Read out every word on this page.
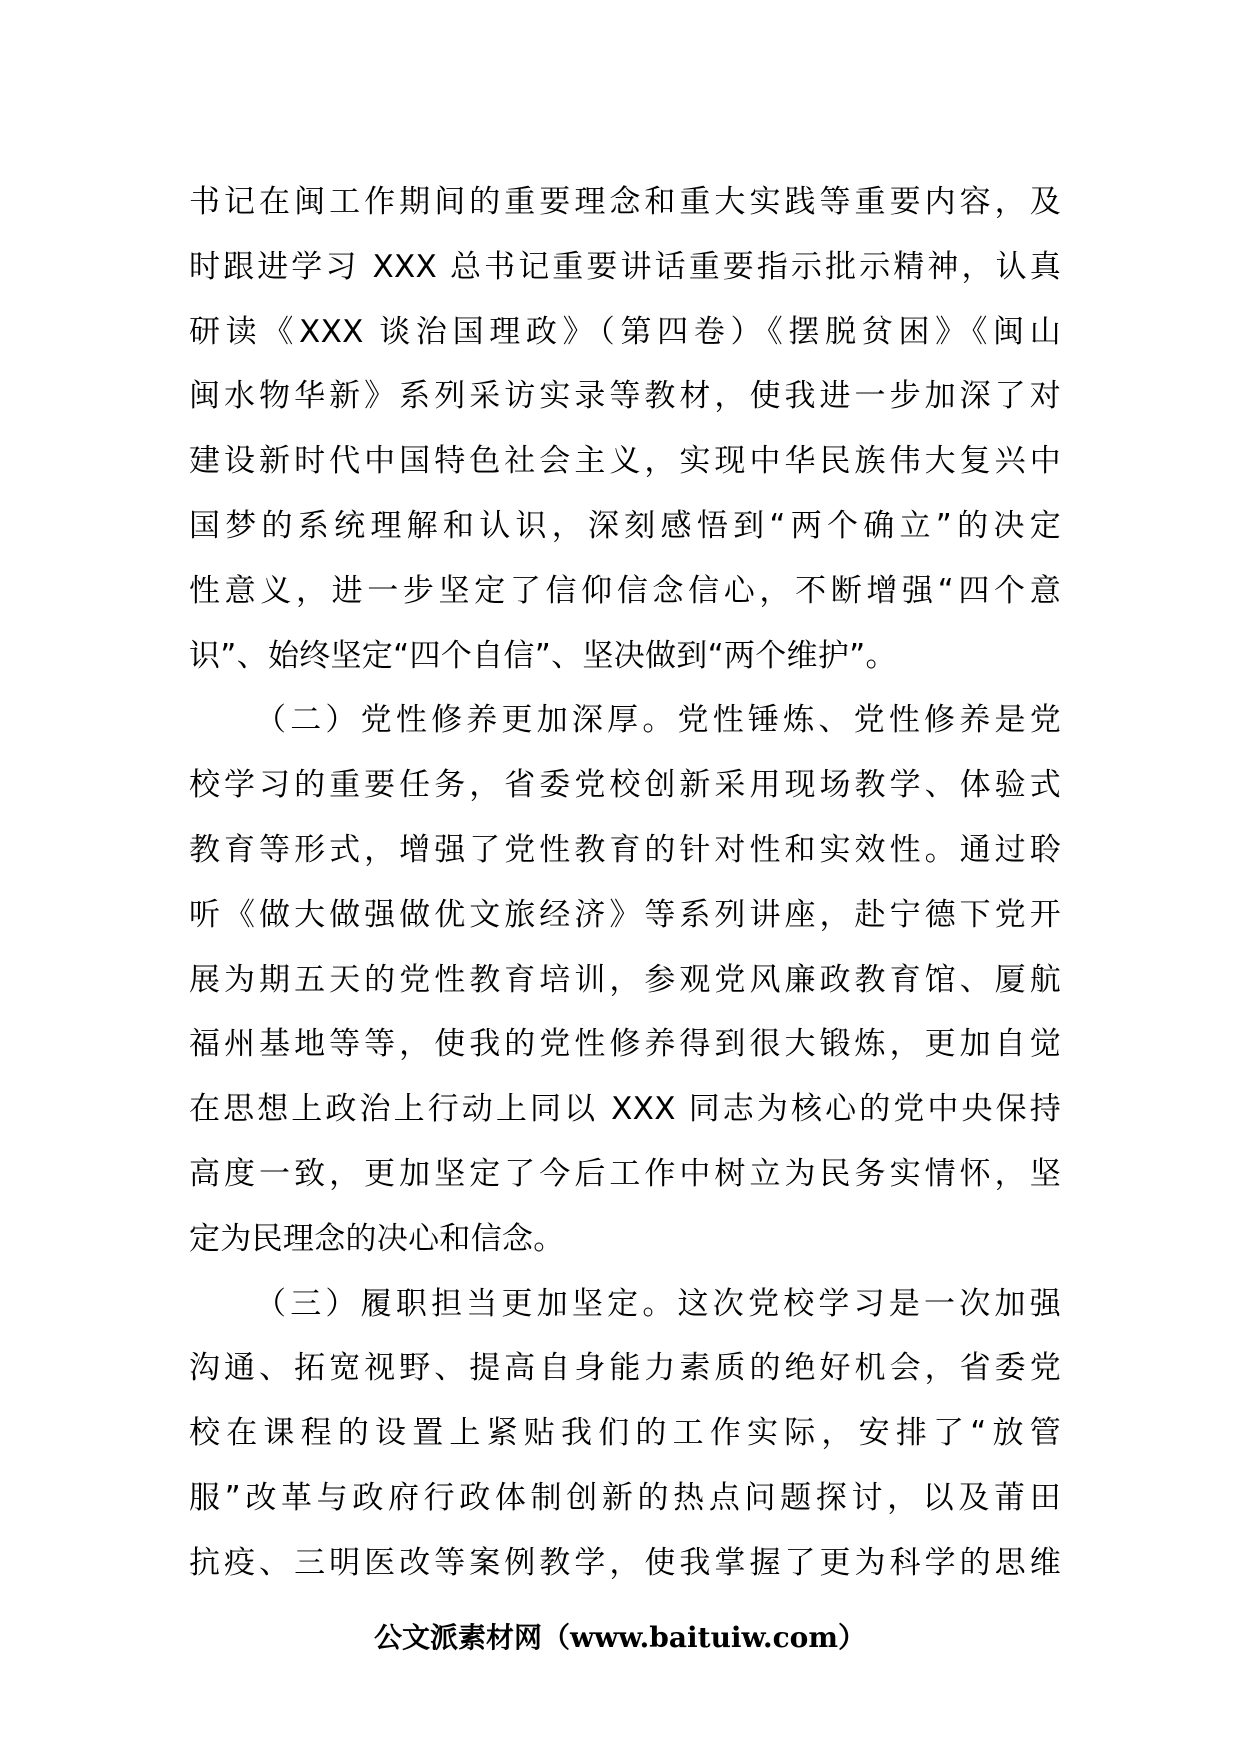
书记在闽工作期间的重要理念和重大实践等重要内容，及
时跟进学习 XXX 总书记重要讲话重要指示批示精神，认真
研读《XXX 谈治国理政》（第四卷）《摆脱贫困》《闽山
闽水物华新》系列采访实录等教材，使我进一步加深了对
建设新时代中国特色社会主义，实现中华民族伟大复兴中
国梦的系统理解和认识，深刻感悟到“两个确立”的决定
性意义，进一步坚定了信仰信念信心，不断增强“四个意
识”、始终坚定“四个自信”、坚决做到“两个维护”。
（二）党性修养更加深厚。党性锤炼、党性修养是党
校学习的重要任务，省委党校创新采用现场教学、体验式
教育等形式，增强了党性教育的针对性和实效性。通过聆
听《做大做强做优文旅经济》等系列讲座，赴宁德下党开
展为期五天的党性教育培训，参观党风廉政教育馆、厦航
福州基地等等，使我的党性修养得到很大锻炼，更加自觉
在思想上政治上行动上同以 XXX 同志为核心的党中央保持
高度一致，更加坚定了今后工作中树立为民务实情怀，坚
定为民理念的决心和信念。
（三）履职担当更加坚定。这次党校学习是一次加强
沟通、拓宽视野、提高自身能力素质的绝好机会，省委党
校在课程的设置上紧贴我们的工作实际，安排了“放管
服”改革与政府行政体制创新的热点问题探讨，以及莆田
抗疫、三明医改等案例教学，使我掌握了更为科学的思维
公文派素材网（www.baituiw.com）
